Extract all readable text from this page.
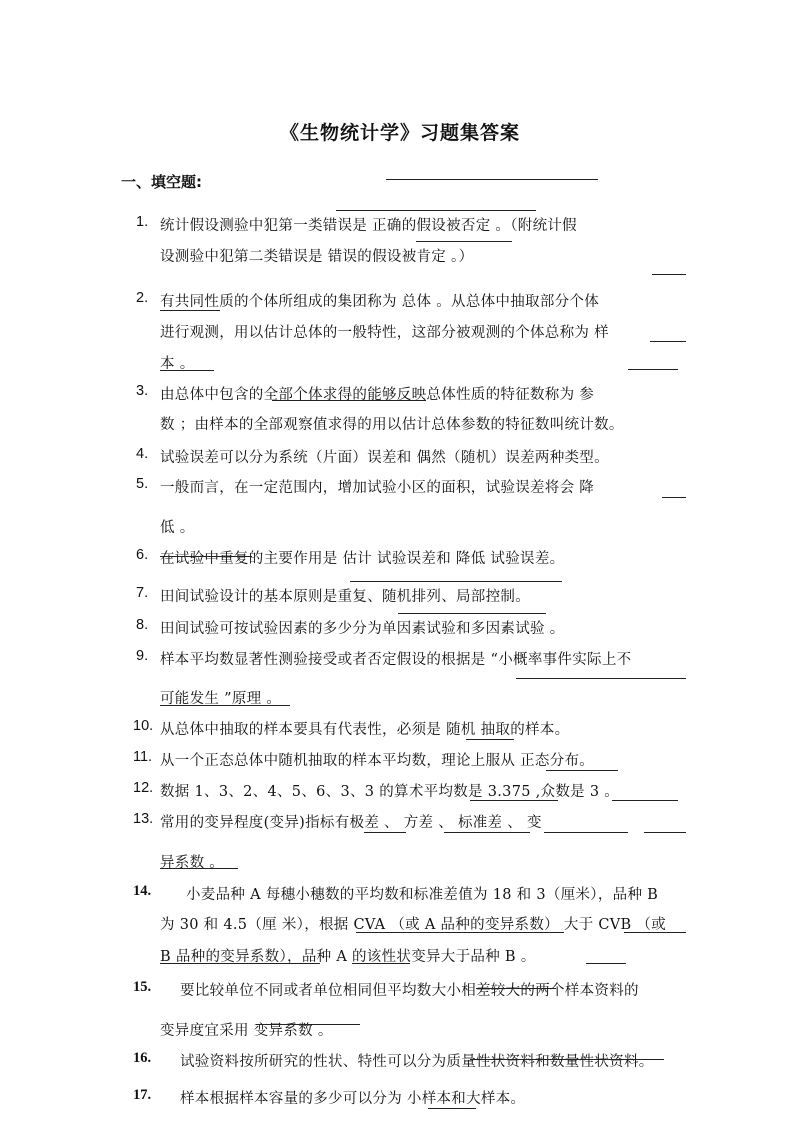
《生物统计学》习题集答案
一、填空题:
1. 统计假设测验中犯第一类错误是 正确的假设被否定 。（附统计假
设测验中犯第二类错误是 错误的假设被肯定 。）
2. 有共同性质的个体所组成的集团称为 总体 。从总体中抽取部分个体
进行观测，用以估计总体的一般特性，这部分被观测的个体总称为 样
本 。
3. 由总体中包含的全部个体求得的能够反映总体性质的特征数称为 参
数 ；由样本的全部观察值求得的用以估计总体参数的特征数叫统计数。
4. 试验误差可以分为系统（片面）误差和 偶然（随机）误差两种类型。
5. 一般而言，在一定范围内，增加试验小区的面积，试验误差将会 降
低 。
6. 在试验中重复的主要作用是 估计 试验误差和 降低 试验误差。
7. 田间试验设计的基本原则是重复、随机排列、局部控制。
8. 田间试验可按试验因素的多少分为单因素试验和多因素试验 。
9. 样本平均数显著性测验接受或者否定假设的根据是 “小概率事件实际上不
可能发生 ”原理 。
10. 从总体中抽取的样本要具有代表性，必须是 随机 抽取的样本。
11. 从一个正态总体中随机抽取的样本平均数，理论上服从 正态分布。
12. 数据 1、3、2、4、5、6、3、3 的算术平均数是 3.375 ,众数是 3 。
13. 常用的变异程度(变异)指标有极差 、 方差 、 标准差 、 变
异系数 。
14. 小麦品种 A 每穗小穗数的平均数和标准差值为 18 和 3（厘米），品种 B
为 30 和 4.5（厘 米），根据 CVA （或 A 品种的变异系数） 大于 CVB （或
B 品种的变异系数），品种 A 的该性状变异大于品种 B 。
15. 要比较单位不同或者单位相同但平均数大小相差较大的两个样本资料的
变异度宜采用 变异系数 。
16. 试验资料按所研究的性状、特性可以分为质量性状资料和数量性状资料。
17. 样本根据样本容量的多少可以分为 小样本和大样本。
